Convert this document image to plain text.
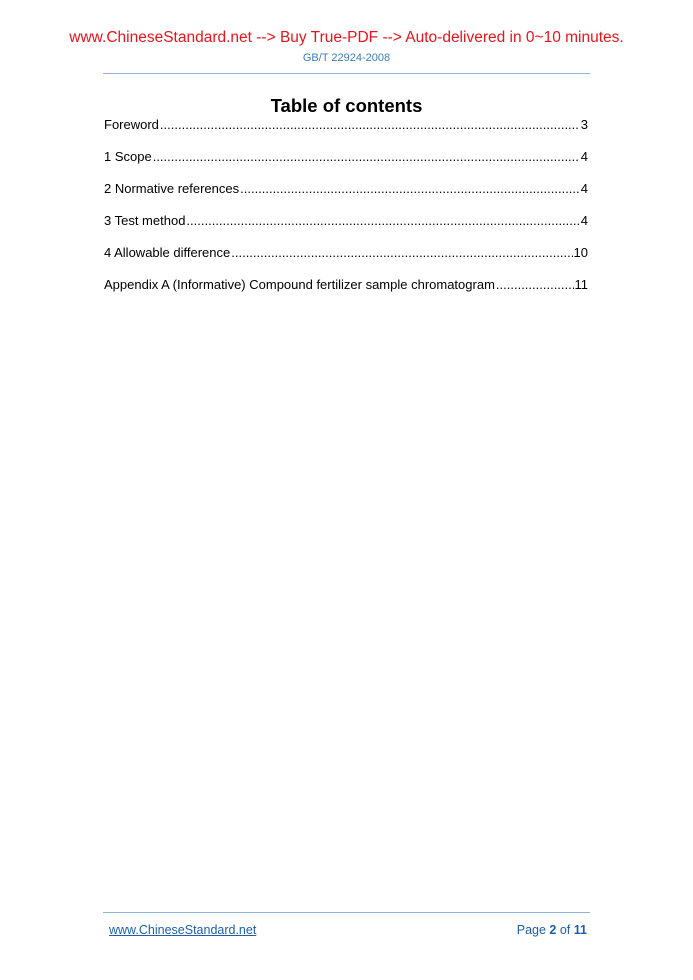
www.ChineseStandard.net --> Buy True-PDF --> Auto-delivered in 0~10 minutes.
GB/T 22924-2008
Table of contents
Foreword .....	3
1 Scope .....	4
2 Normative references .....	4
3 Test method .....	4
4 Allowable difference .....	10
Appendix A (Informative) Compound fertilizer sample chromatogram .....	11
www.ChineseStandard.net	Page 2 of 11
